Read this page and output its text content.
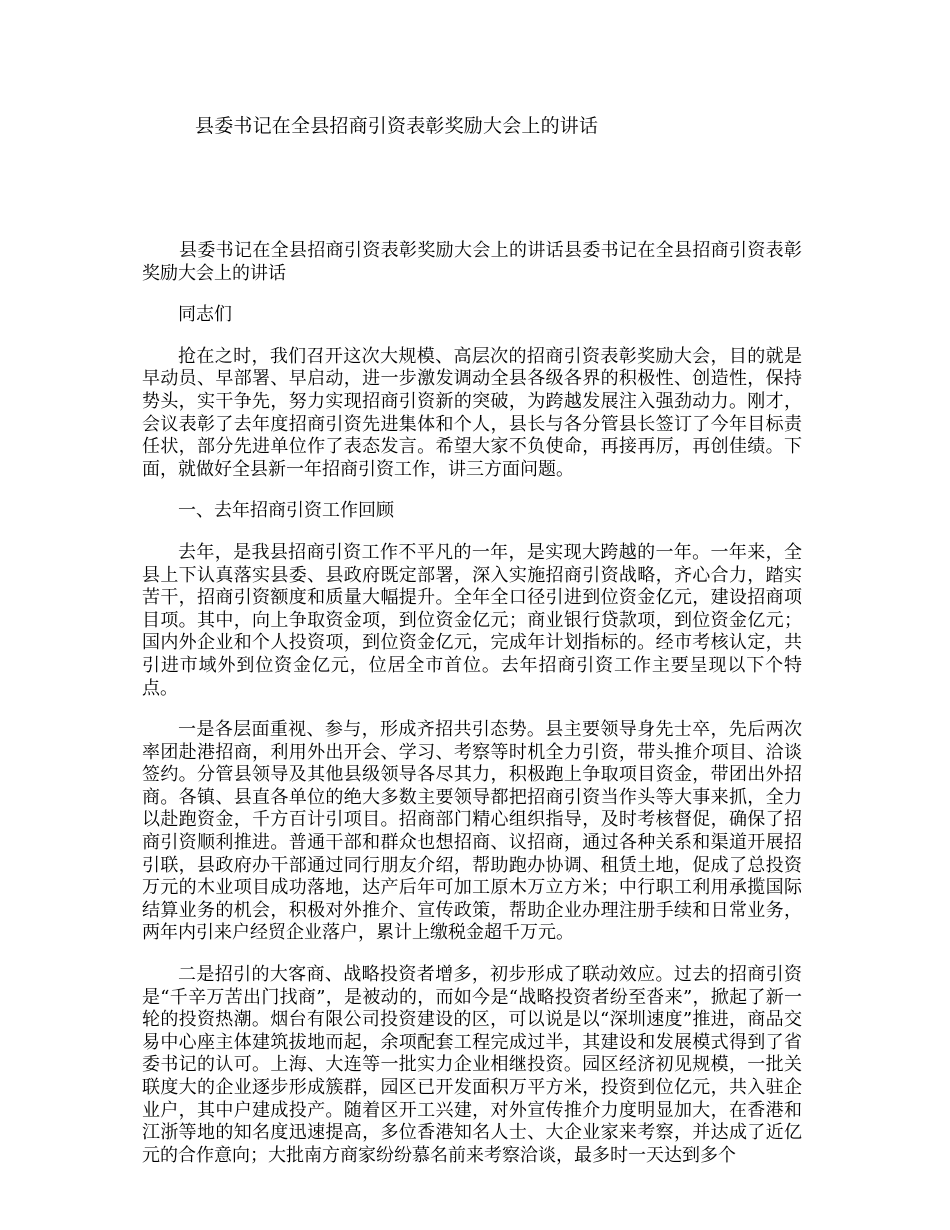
县委书记在全县招商引资表彰奖励大会上的讲话

县委书记在全县招商引资表彰奖励大会上的讲话县委书记在全县招商引资表彰奖励大会上的讲话

同志们

抢在之时，我们召开这次大规模、高层次的招商引资表彰奖励大会，目的就是早动员、早部署、早启动，进一步激发调动全县各级各界的积极性、创造性，保持势头，实干争先，努力实现招商引资新的突破，为跨越发展注入强劲动力。刚才，会议表彰了去年度招商引资先进集体和个人，县长与各分管县长签订了今年目标责任状，部分先进单位作了表态发言。希望大家不负使命，再接再厉，再创佳绩。下面，就做好全县新一年招商引资工作，讲三方面问题。

一、去年招商引资工作回顾

去年，是我县招商引资工作不平凡的一年，是实现大跨越的一年。一年来，全县上下认真落实县委、县政府既定部署，深入实施招商引资战略，齐心合力，踏实苦干，招商引资额度和质量大幅提升。全年全口径引进到位资金亿元，建设招商项目项。其中，向上争取资金项，到位资金亿元；商业银行贷款项，到位资金亿元；国内外企业和个人投资项，到位资金亿元，完成年计划指标的。经市考核认定，共引进市域外到位资金亿元，位居全市首位。去年招商引资工作主要呈现以下个特点。

一是各层面重视、参与，形成齐招共引态势。县主要领导身先士卒，先后两次率团赴港招商，利用外出开会、学习、考察等时机全力引资，带头推介项目、洽谈签约。分管县领导及其他县级领导各尽其力，积极跑上争取项目资金，带团出外招商。各镇、县直各单位的绝大多数主要领导都把招商引资当作头等大事来抓，全力以赴跑资金，千方百计引项目。招商部门精心组织指导，及时考核督促，确保了招商引资顺利推进。普通干部和群众也想招商、议招商，通过各种关系和渠道开展招引联，县政府办干部通过同行朋友介绍，帮助跑办协调、租赁土地，促成了总投资万元的木业项目成功落地，达产后年可加工原木万立方米；中行职工利用承揽国际结算业务的机会，积极对外推介、宣传政策，帮助企业办理注册手续和日常业务，两年内引来户经贸企业落户，累计上缴税金超千万元。

二是招引的大客商、战略投资者增多，初步形成了联动效应。过去的招商引资是“千辛万苦出门找商”，是被动的，而如今是“战略投资者纷至沓来”，掀起了新一轮的投资热潮。烟台有限公司投资建设的区，可以说是以“深圳速度”推进，商品交易中心座主体建筑拔地而起，余项配套工程完成过半，其建设和发展模式得到了省委书记的认可。上海、大连等一批实力企业相继投资。园区经济初见规模，一批关联度大的企业逐步形成簇群，园区已开发面积万平方米，投资到位亿元，共入驻企业户，其中户建成投产。随着区开工兴建，对外宣传推介力度明显加大，在香港和江浙等地的知名度迅速提高，多位香港知名人士、大企业家来考察，并达成了近亿元的合作意向；大批南方商家纷纷慕名前来考察洽谈，最多时一天达到多个
